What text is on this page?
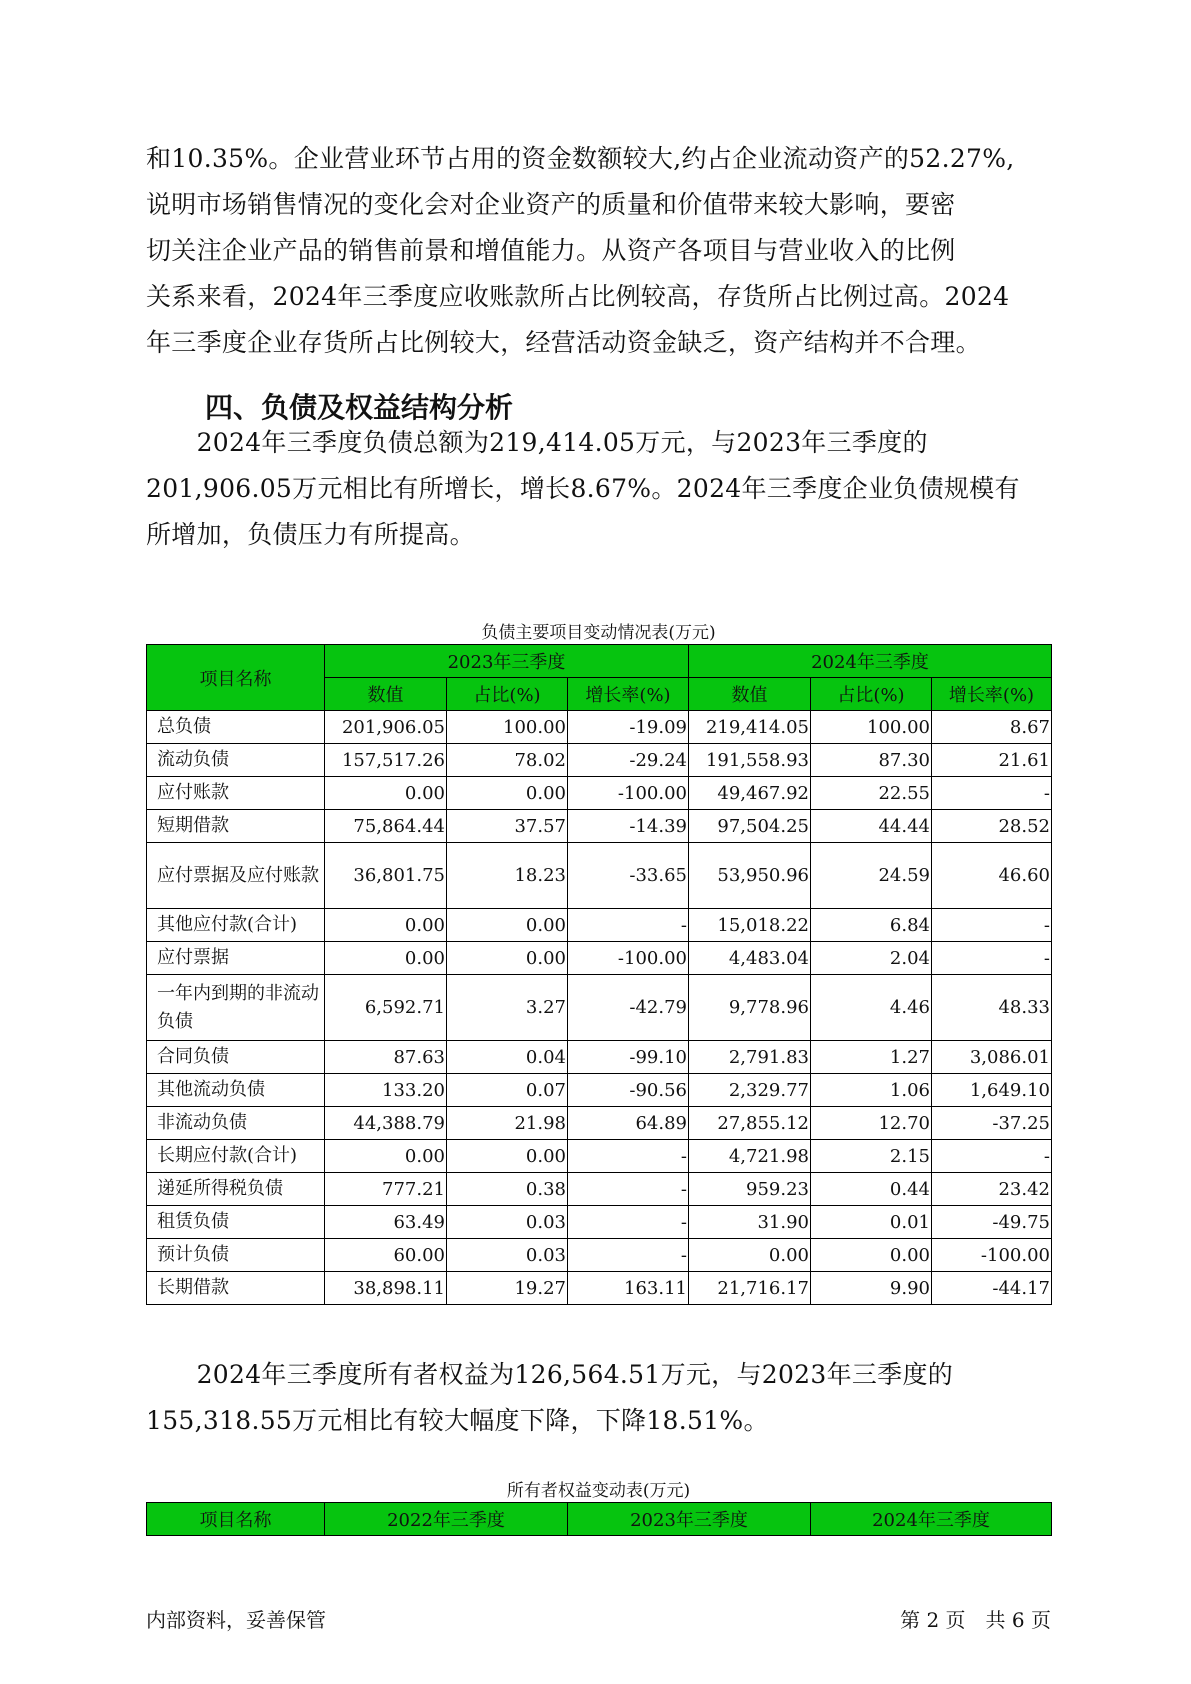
和10.35%。企业营业环节占用的资金数额较大,约占企业流动资产的52.27%,
说明市场销售情况的变化会对企业资产的质量和价值带来较大影响，要密
切关注企业产品的销售前景和增值能力。从资产各项目与营业收入的比例
关系来看，2024年三季度应收账款所占比例较高，存货所占比例过高。2024
年三季度企业存货所占比例较大，经营活动资金缺乏，资产结构并不合理。
四、负债及权益结构分析
　　2024年三季度负债总额为219,414.05万元，与2023年三季度的
201,906.05万元相比有所增长，增长8.67%。2024年三季度企业负债规模有
所增加，负债压力有所提高。

负债主要项目变动情况表(万元)

项目名称	2023年三季度			2024年三季度		
	数值	占比(%)	增长率(%)	数值	占比(%)	增长率(%)
总负债	201,906.05	100.00	-19.09	219,414.05	100.00	8.67
流动负债	157,517.26	78.02	-29.24	191,558.93	87.30	21.61
应付账款	0.00	0.00	-100.00	49,467.92	22.55	-
短期借款	75,864.44	37.57	-14.39	97,504.25	44.44	28.52
应付票据及应付账款	36,801.75	18.23	-33.65	53,950.96	24.59	46.60
其他应付款(合计)	0.00	0.00	-	15,018.22	6.84	-
应付票据	0.00	0.00	-100.00	4,483.04	2.04	-
一年内到期的非流动负债	6,592.71	3.27	-42.79	9,778.96	4.46	48.33
合同负债	87.63	0.04	-99.10	2,791.83	1.27	3,086.01
其他流动负债	133.20	0.07	-90.56	2,329.77	1.06	1,649.10
非流动负债	44,388.79	21.98	64.89	27,855.12	12.70	-37.25
长期应付款(合计)	0.00	0.00	-	4,721.98	2.15	-
递延所得税负债	777.21	0.38	-	959.23	0.44	23.42
租赁负债	63.49	0.03	-	31.90	0.01	-49.75
预计负债	60.00	0.03	-	0.00	0.00	-100.00
长期借款	38,898.11	19.27	163.11	21,716.17	9.90	-44.17
　　2024年三季度所有者权益为126,564.51万元，与2023年三季度的
155,318.55万元相比有较大幅度下降，下降18.51%。

所有者权益变动表(万元)

项目名称	2022年三季度	2023年三季度	2024年三季度

内部资料，妥善保管	第 2 页　共 6 页
